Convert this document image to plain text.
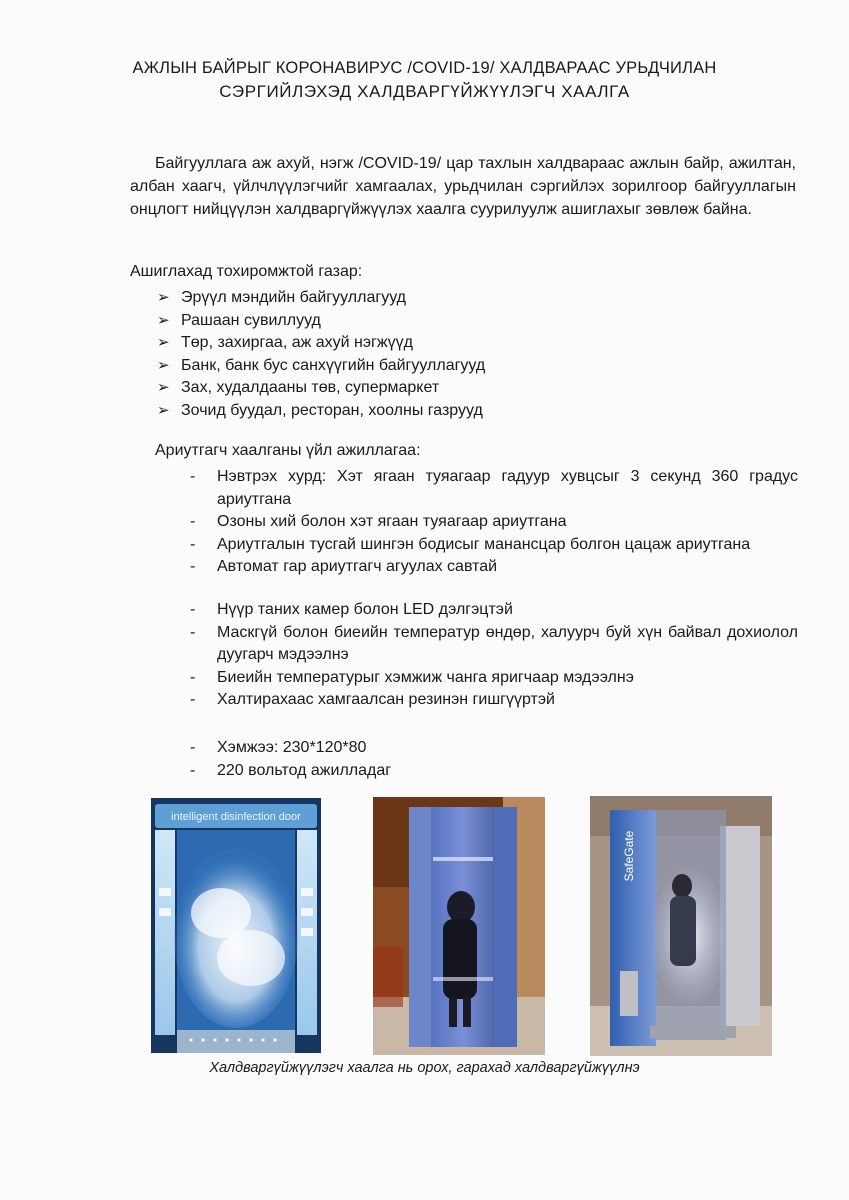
АЖЛЫН БАЙРЫГ КОРОНАВИРУС /COVID-19/ ХАЛДВАРААС УРЬДЧИЛАН
СЭРГИЙЛЭХЭД ХАЛДВАРГҮЙЖҮҮЛЭГЧ ХААЛГА
Байгууллага аж ахуй, нэгж /COVID-19/ цар тахлын халдвараас ажлын байр, ажилтан, албан хаагч, үйлчлүүлэгчийг хамгаалах, урьдчилан сэргийлэх зорилгоор байгууллагын онцлогт нийцүүлэн халдваргүйжүүлэх хаалга суурилуулж ашиглахыг зөвлөж байна.
Ашиглахад тохиромжтой газар:
➢ Эрүүл мэндийн байгууллагууд
➢ Рашаан сувиллууд
➢ Төр, захиргаа, аж ахуй нэгжүүд
➢ Банк, банк бус санхүүгийн байгууллагууд
➢ Зах, худалдааны төв, супермаркет
➢ Зочид буудал, ресторан, хоолны газрууд
Ариутгагч хаалганы үйл ажиллагаа:
-	Нэвтрэх хурд: Хэт ягаан туяагаар гадуур хувцсыг 3 секунд 360 градус ариутгана
-	Озоны хий болон хэт ягаан туяагаар ариутгана
-	Ариутгалын тусгай шингэн бодисыг манансцар болгон цацаж ариутгана
-	Автомат гар ариутгагч агуулах савтай
-	Нүүр таних камер болон LED дэлгэцтэй
-	Маскгүй болон биеийн температур өндөр, халуурч буй хүн байвал дохиолол дуугарч мэдээлнэ
-	Биеийн температурыг хэмжиж чанга яригчаар мэдээлнэ
-	Халтирахаас хамгаалсан резинэн гишгүүртэй
-	Хэмжээ: 230*120*80
-	220 вольтод ажилладаг
intelligent disinfection door
SafeGate
Халдваргүйжүүлэгч хаалга нь орох, гарахад халдваргүйжүүлнэ
